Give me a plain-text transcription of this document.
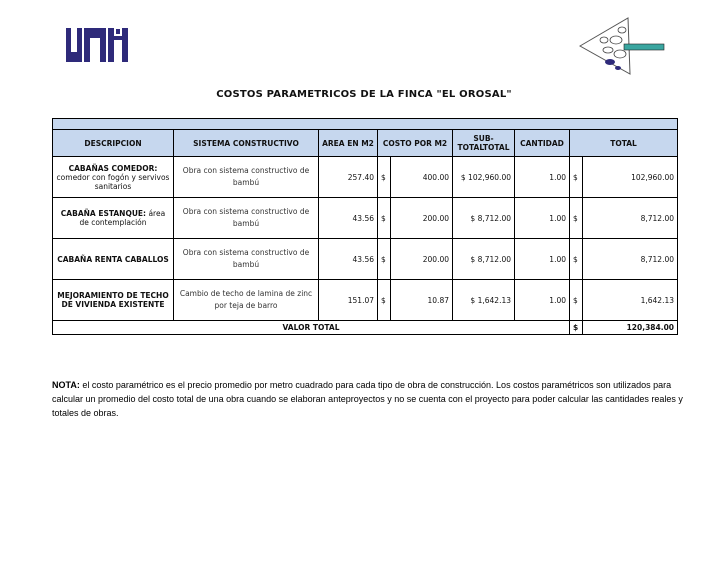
COSTOS PARAMETRICOS DE LA FINCA "EL OROSAL"

DESCRIPCION	SISTEMA CONSTRUCTIVO	AREA EN M2	COSTO POR M2		SUB-TOTALTOTAL	CANTIDAD	TOTAL	

CABAÑAS COMEDOR:
comedor con fogón y servivos sanitarios	Obra con sistema constructivo de bambú	257.40	$	400.00	$ 102,960.00	1.00	$	102,960.00

CABAÑA ESTANQUE: área de contemplación	Obra con sistema constructivo de bambú	43.56	$	200.00	$ 8,712.00	1.00	$	8,712.00

CABAÑA RENTA CABALLOS	Obra con sistema constructivo de bambú	43.56	$	200.00	$ 8,712.00	1.00	$	8,712.00

MEJORAMIENTO DE TECHO DE VIVIENDA EXISTENTE	Cambio de techo de lamina de zinc por teja de barro	151.07	$	10.87	$ 1,642.13	1.00	$	1,642.13
VALOR TOTAL							$	120,384.00
NOTA: el costo paramétrico es el precio promedio por metro cuadrado para cada tipo de obra de construcción. Los costos paramétricos son utilizados para calcular un promedio del costo total de una obra cuando se elaboran anteproyectos y no se cuenta con el proyecto para poder calcular las cantidades reales y totales de obras.
